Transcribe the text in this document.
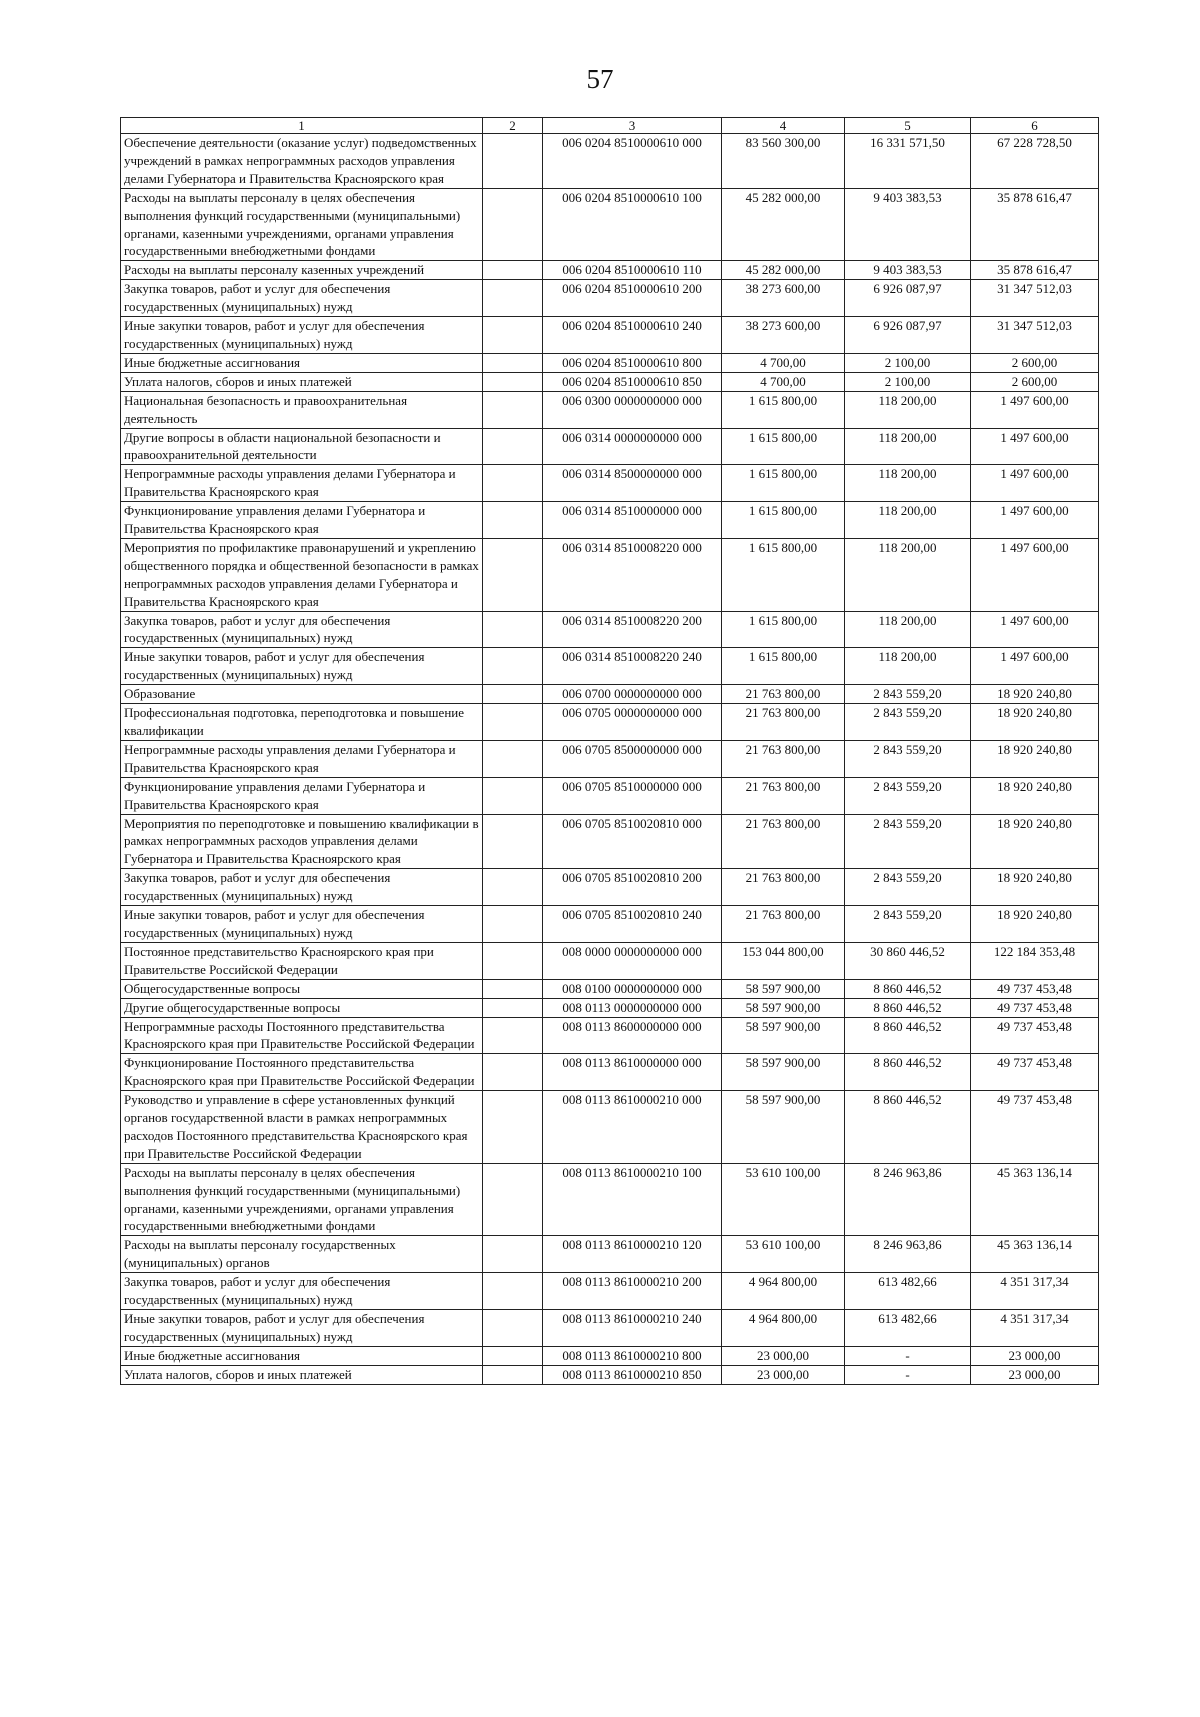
57
1	2	3	4	5	6
Обеспечение деятельности (оказание услуг) подведомственных учреждений в рамках непрограммных расходов управления делами Губернатора и Правительства Красноярского края		006 0204 8510000610 000	83 560 300,00	16 331 571,50	67 228 728,50
Расходы на выплаты персоналу в целях обеспечения выполнения функций государственными (муниципальными) органами, казенными учреждениями, органами управления государственными внебюджетными фондами		006 0204 8510000610 100	45 282 000,00	9 403 383,53	35 878 616,47
Расходы на выплаты персоналу казенных учреждений		006 0204 8510000610 110	45 282 000,00	9 403 383,53	35 878 616,47
Закупка товаров, работ и услуг для обеспечения государственных (муниципальных) нужд		006 0204 8510000610 200	38 273 600,00	6 926 087,97	31 347 512,03
Иные закупки товаров, работ и услуг для обеспечения государственных (муниципальных) нужд		006 0204 8510000610 240	38 273 600,00	6 926 087,97	31 347 512,03
Иные бюджетные ассигнования		006 0204 8510000610 800	4 700,00	2 100,00	2 600,00
Уплата налогов, сборов и иных платежей		006 0204 8510000610 850	4 700,00	2 100,00	2 600,00
Национальная безопасность и правоохранительная деятельность		006 0300 0000000000 000	1 615 800,00	118 200,00	1 497 600,00
Другие вопросы в области национальной безопасности и правоохранительной деятельности		006 0314 0000000000 000	1 615 800,00	118 200,00	1 497 600,00
Непрограммные расходы управления делами Губернатора и Правительства Красноярского края		006 0314 8500000000 000	1 615 800,00	118 200,00	1 497 600,00
Функционирование управления делами Губернатора и Правительства Красноярского края		006 0314 8510000000 000	1 615 800,00	118 200,00	1 497 600,00
Мероприятия по профилактике правонарушений и укреплению общественного порядка и общественной безопасности в рамках непрограммных расходов управления делами Губернатора и Правительства Красноярского края		006 0314 8510008220 000	1 615 800,00	118 200,00	1 497 600,00
Закупка товаров, работ и услуг для обеспечения государственных (муниципальных) нужд		006 0314 8510008220 200	1 615 800,00	118 200,00	1 497 600,00
Иные закупки товаров, работ и услуг для обеспечения государственных (муниципальных) нужд		006 0314 8510008220 240	1 615 800,00	118 200,00	1 497 600,00
Образование		006 0700 0000000000 000	21 763 800,00	2 843 559,20	18 920 240,80
Профессиональная подготовка, переподготовка и повышение квалификации		006 0705 0000000000 000	21 763 800,00	2 843 559,20	18 920 240,80
Непрограммные расходы управления делами Губернатора и Правительства Красноярского края		006 0705 8500000000 000	21 763 800,00	2 843 559,20	18 920 240,80
Функционирование управления делами Губернатора и Правительства Красноярского края		006 0705 8510000000 000	21 763 800,00	2 843 559,20	18 920 240,80
Мероприятия по переподготовке и повышению квалификации в рамках непрограммных расходов управления делами Губернатора и Правительства Красноярского края		006 0705 8510020810 000	21 763 800,00	2 843 559,20	18 920 240,80
Закупка товаров, работ и услуг для обеспечения государственных (муниципальных) нужд		006 0705 8510020810 200	21 763 800,00	2 843 559,20	18 920 240,80
Иные закупки товаров, работ и услуг для обеспечения государственных (муниципальных) нужд		006 0705 8510020810 240	21 763 800,00	2 843 559,20	18 920 240,80
Постоянное представительство Красноярского края при Правительстве Российской Федерации		008 0000 0000000000 000	153 044 800,00	30 860 446,52	122 184 353,48
Общегосударственные вопросы		008 0100 0000000000 000	58 597 900,00	8 860 446,52	49 737 453,48
Другие общегосударственные вопросы		008 0113 0000000000 000	58 597 900,00	8 860 446,52	49 737 453,48
Непрограммные расходы Постоянного представительства Красноярского края при Правительстве Российской Федерации		008 0113 8600000000 000	58 597 900,00	8 860 446,52	49 737 453,48
Функционирование Постоянного представительства Красноярского края при Правительстве Российской Федерации		008 0113 8610000000 000	58 597 900,00	8 860 446,52	49 737 453,48
Руководство и управление в сфере установленных функций органов государственной власти в рамках непрограммных расходов Постоянного представительства Красноярского края при Правительстве Российской Федерации		008 0113 8610000210 000	58 597 900,00	8 860 446,52	49 737 453,48
Расходы на выплаты персоналу в целях обеспечения выполнения функций государственными (муниципальными) органами, казенными учреждениями, органами управления государственными внебюджетными фондами		008 0113 8610000210 100	53 610 100,00	8 246 963,86	45 363 136,14
Расходы на выплаты персоналу государственных (муниципальных) органов		008 0113 8610000210 120	53 610 100,00	8 246 963,86	45 363 136,14
Закупка товаров, работ и услуг для обеспечения государственных (муниципальных) нужд		008 0113 8610000210 200	4 964 800,00	613 482,66	4 351 317,34
Иные закупки товаров, работ и услуг для обеспечения государственных (муниципальных) нужд		008 0113 8610000210 240	4 964 800,00	613 482,66	4 351 317,34
Иные бюджетные ассигнования		008 0113 8610000210 800	23 000,00	-	23 000,00
Уплата налогов, сборов и иных платежей		008 0113 8610000210 850	23 000,00	-	23 000,00
